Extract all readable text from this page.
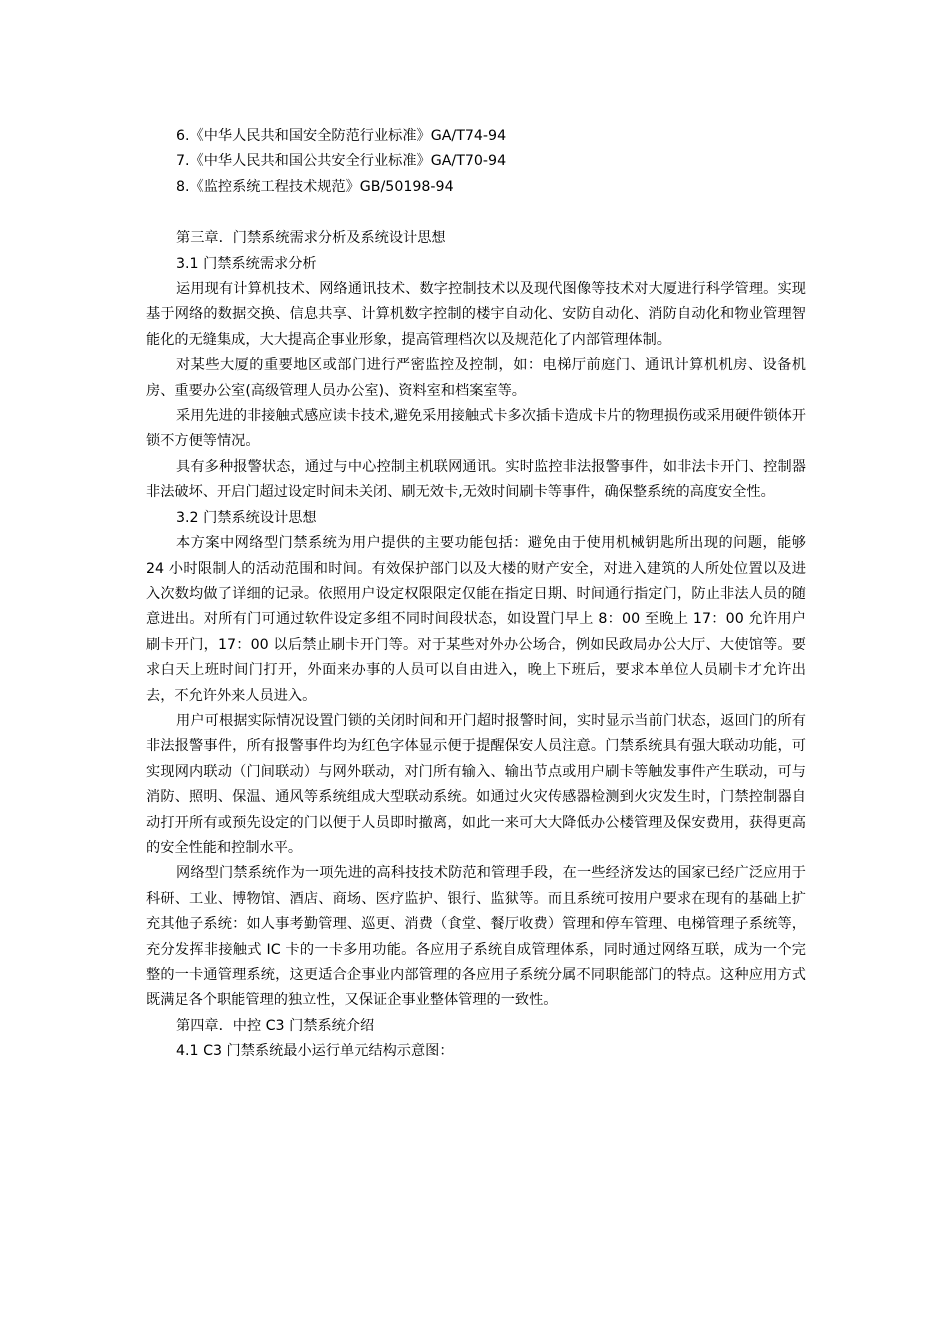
6.《中华人民共和国安全防范行业标准》GA/T74-94

7.《中华人民共和国公共安全行业标准》GA/T70-94

8.《监控系统工程技术规范》GB/50198-94

第三章．门禁系统需求分析及系统设计思想

3.1 门禁系统需求分析

运用现有计算机技术、网络通讯技术、数字控制技术以及现代图像等技术对大厦进行科学管理。实现基于网络的数据交换、信息共享、计算机数字控制的楼宇自动化、安防自动化、消防自动化和物业管理智能化的无缝集成，大大提高企事业形象，提高管理档次以及规范化了内部管理体制。

对某些大厦的重要地区或部门进行严密监控及控制，如：电梯厅前庭门、通讯计算机机房、设备机房、重要办公室(高级管理人员办公室)、资料室和档案室等。

采用先进的非接触式感应读卡技术,避免采用接触式卡多次插卡造成卡片的物理损伤或采用硬件锁体开锁不方便等情况。

具有多种报警状态，通过与中心控制主机联网通讯。实时监控非法报警事件，如非法卡开门、控制器非法破坏、开启门超过设定时间未关闭、刷无效卡,无效时间刷卡等事件，确保整系统的高度安全性。

3.2 门禁系统设计思想

本方案中网络型门禁系统为用户提供的主要功能包括：避免由于使用机械钥匙所出现的问题，能够 24 小时限制人的活动范围和时间。有效保护部门以及大楼的财产安全，对进入建筑的人所处位置以及进入次数均做了详细的记录。依照用户设定权限限定仅能在指定日期、时间通行指定门，防止非法人员的随意进出。对所有门可通过软件设定多组不同时间段状态，如设置门早上 8：00 至晚上 17：00 允许用户刷卡开门，17：00 以后禁止刷卡开门等。对于某些对外办公场合，例如民政局办公大厅、大使馆等。要求白天上班时间门打开，外面来办事的人员可以自由进入，晚上下班后，要求本单位人员刷卡才允许出去，不允许外来人员进入。

用户可根据实际情况设置门锁的关闭时间和开门超时报警时间，实时显示当前门状态，返回门的所有非法报警事件，所有报警事件均为红色字体显示便于提醒保安人员注意。门禁系统具有强大联动功能，可实现网内联动（门间联动）与网外联动，对门所有输入、输出节点或用户刷卡等触发事件产生联动，可与消防、照明、保温、通风等系统组成大型联动系统。如通过火灾传感器检测到火灾发生时，门禁控制器自动打开所有或预先设定的门以便于人员即时撤离，如此一来可大大降低办公楼管理及保安费用，获得更高的安全性能和控制水平。

网络型门禁系统作为一项先进的高科技技术防范和管理手段，在一些经济发达的国家已经广泛应用于科研、工业、博物馆、酒店、商场、医疗监护、银行、监狱等。而且系统可按用户要求在现有的基础上扩充其他子系统：如人事考勤管理、巡更、消费（食堂、餐厅收费）管理和停车管理、电梯管理子系统等，充分发挥非接触式 IC 卡的一卡多用功能。各应用子系统自成管理体系，同时通过网络互联，成为一个完整的一卡通管理系统，这更适合企事业内部管理的各应用子系统分属不同职能部门的特点。这种应用方式既满足各个职能管理的独立性，又保证企事业整体管理的一致性。

第四章．中控 C3 门禁系统介绍

4.1 C3 门禁系统最小运行单元结构示意图：
